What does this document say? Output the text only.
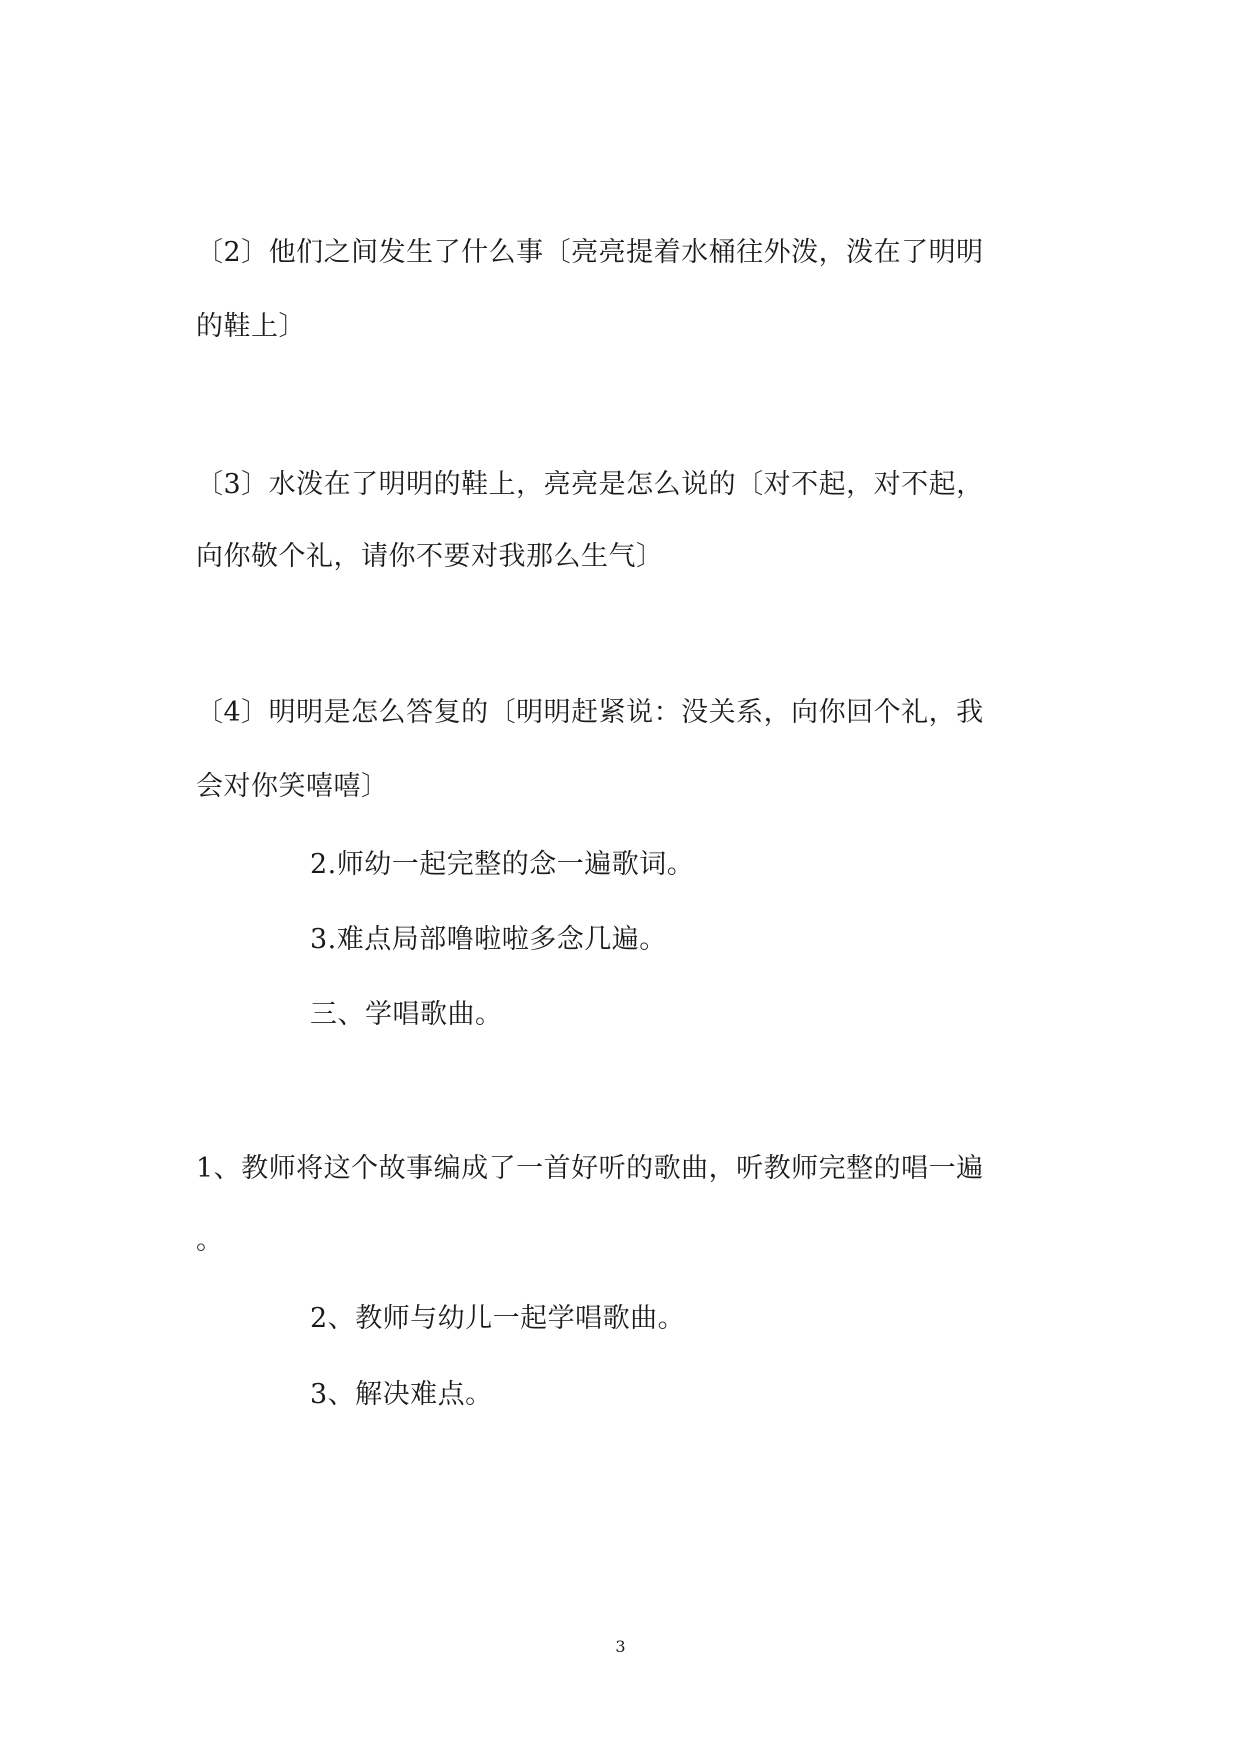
〔2〕他们之间发生了什么事〔亮亮提着水桶往外泼，泼在了明明
的鞋上〕
〔3〕水泼在了明明的鞋上，亮亮是怎么说的〔对不起，对不起，
向你敬个礼，请你不要对我那么生气〕
〔4〕明明是怎么答复的〔明明赶紧说：没关系，向你回个礼，我
会对你笑嘻嘻〕
2.师幼一起完整的念一遍歌词。
3.难点局部噜啦啦多念几遍。
三、学唱歌曲。
1、教师将这个故事编成了一首好听的歌曲，听教师完整的唱一遍
。
2、教师与幼儿一起学唱歌曲。
3、解决难点。
3
